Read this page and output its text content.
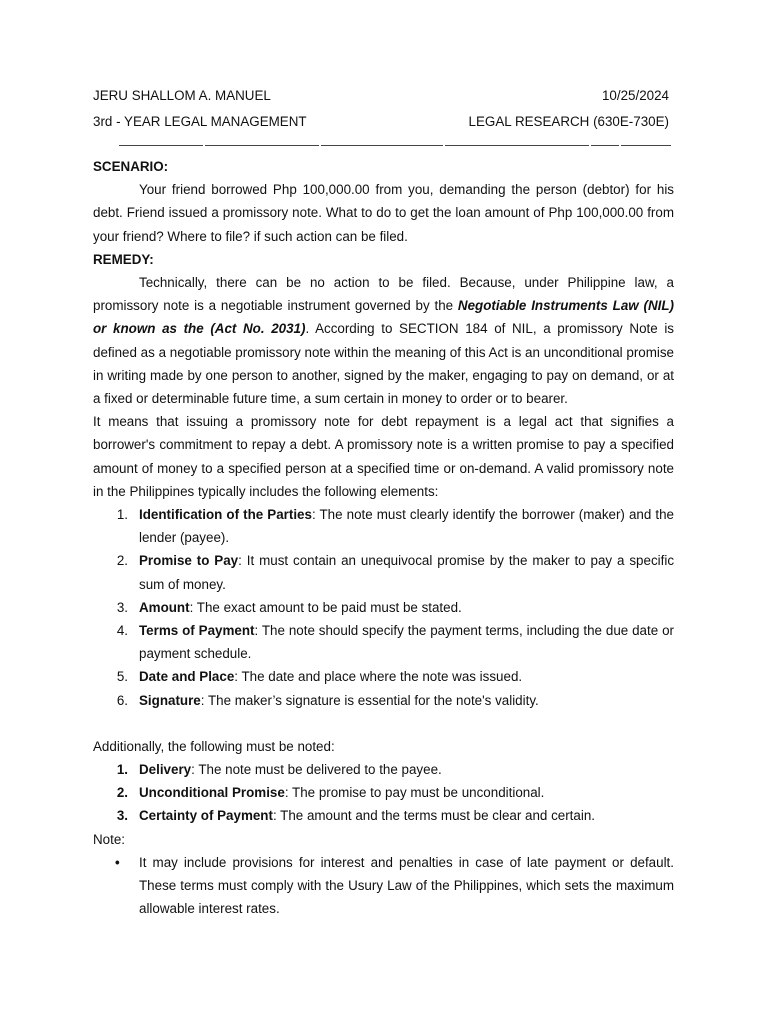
JERU SHALLOM A. MANUEL	10/25/2024
3rd - YEAR LEGAL MANAGEMENT	LEGAL RESEARCH (630E-730E)

SCENARIO:

Your friend borrowed Php 100,000.00 from you, demanding the person (debtor) for his debt. Friend issued a promissory note. What to do to get the loan amount of Php 100,000.00 from your friend? Where to file? if such action can be filed.

REMEDY:

Technically, there can be no action to be filed. Because, under Philippine law, a promissory note is a negotiable instrument governed by the Negotiable Instruments Law (NIL) or known as the (Act No. 2031). According to SECTION 184 of NIL, a promissory Note is defined as a negotiable promissory note within the meaning of this Act is an unconditional promise in writing made by one person to another, signed by the maker, engaging to pay on demand, or at a fixed or determinable future time, a sum certain in money to order or to bearer.

It means that issuing a promissory note for debt repayment is a legal act that signifies a borrower's commitment to repay a debt. A promissory note is a written promise to pay a specified amount of money to a specified person at a specified time or on-demand. A valid promissory note in the Philippines typically includes the following elements:

1. Identification of the Parties: The note must clearly identify the borrower (maker) and the lender (payee).
2. Promise to Pay: It must contain an unequivocal promise by the maker to pay a specific sum of money.
3. Amount: The exact amount to be paid must be stated.
4. Terms of Payment: The note should specify the payment terms, including the due date or payment schedule.
5. Date and Place: The date and place where the note was issued.
6. Signature: The maker’s signature is essential for the note's validity.

Additionally, the following must be noted:

1. Delivery: The note must be delivered to the payee.
2. Unconditional Promise: The promise to pay must be unconditional.
3. Certainty of Payment: The amount and the terms must be clear and certain.

Note:

• It may include provisions for interest and penalties in case of late payment or default. These terms must comply with the Usury Law of the Philippines, which sets the maximum allowable interest rates.
